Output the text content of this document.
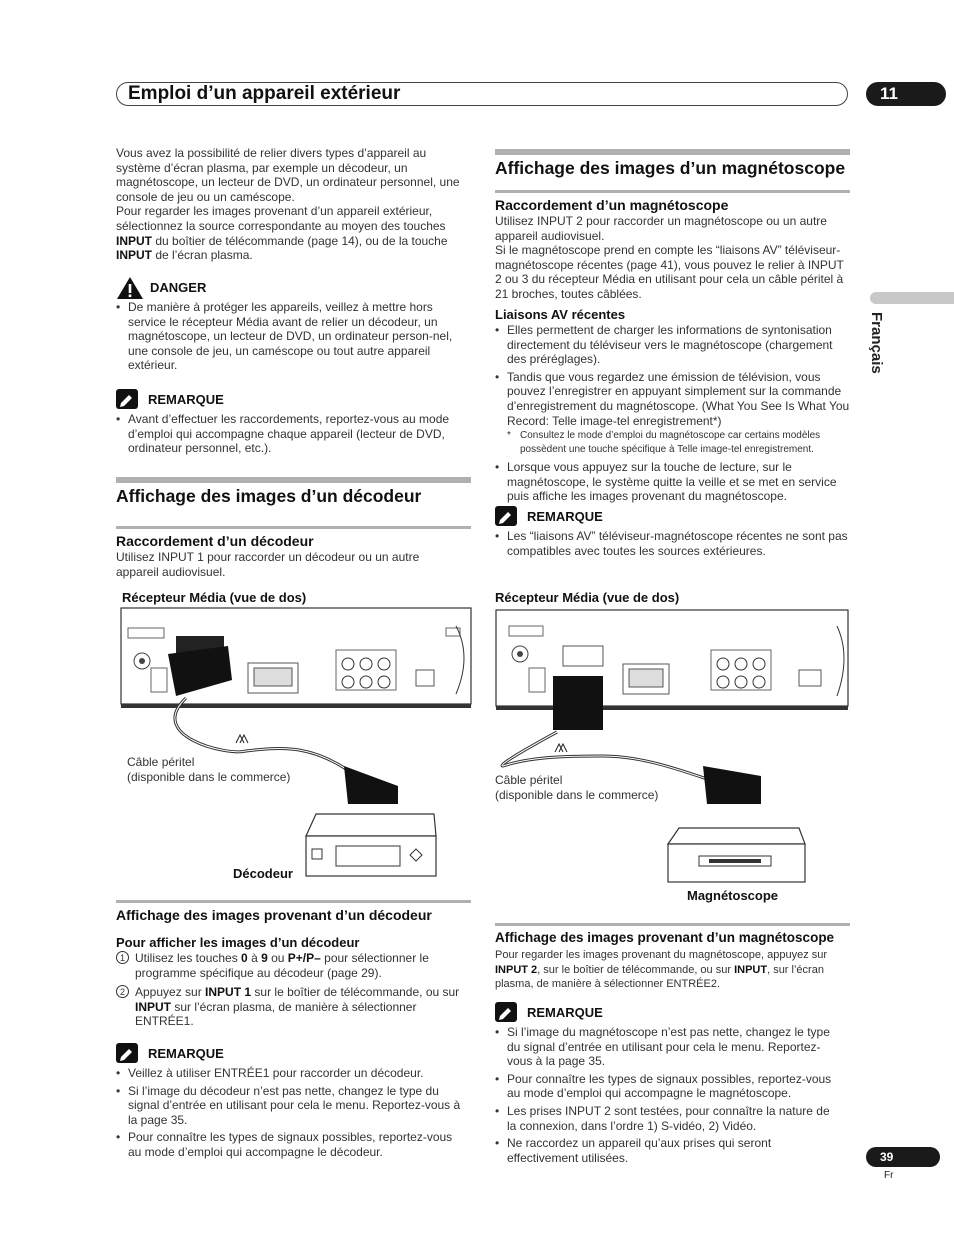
Emploi d’un appareil extérieur	11
Français
Vous avez la possibilité de relier divers types d’appareil au système d’écran plasma, par exemple un décodeur, un magnétoscope, un lecteur de DVD, un ordinateur personnel, une console de jeu ou un caméscope.
Pour regarder les images provenant d’un appareil extérieur, sélectionnez la source correspondante au moyen des touches INPUT du boîtier de télécommande (page 14), ou de la touche INPUT de l’écran plasma.
DANGER
• De manière à protéger les appareils, veillez à mettre hors service le récepteur Média avant de relier un décodeur, un magnétoscope, un lecteur de DVD, un ordinateur person-nel, une console de jeu, un caméscope ou tout autre appareil extérieur.
REMARQUE
• Avant d’effectuer les raccordements, reportez-vous au mode d’emploi qui accompagne chaque appareil (lecteur de DVD, ordinateur personnel, etc.).
Affichage des images d’un décodeur
Raccordement d’un décodeur
Utilisez INPUT 1 pour raccorder un décodeur ou un autre appareil audiovisuel.
Récepteur Média (vue de dos)
Câble péritel
(disponible dans le commerce)
Décodeur
Affichage des images provenant d’un décodeur
Pour afficher les images d’un décodeur
1 Utilisez les touches 0 à 9 ou P+/P– pour sélectionner le programme spécifique au décodeur (page 29).
2 Appuyez sur INPUT 1 sur le boîtier de télécommande, ou sur INPUT sur l’écran plasma, de manière à sélectionner ENTRÉE1.
REMARQUE
• Veillez à utiliser ENTRÉE1 pour raccorder un décodeur.
• Si l’image du décodeur n’est pas nette, changez le type du signal d’entrée en utilisant pour cela le menu. Reportez-vous à la page 35.
• Pour connaître les types de signaux possibles, reportez-vous au mode d’emploi qui accompagne le décodeur.
Affichage des images d’un magnétoscope
Raccordement d’un magnétoscope
Utilisez INPUT 2 pour raccorder un magnétoscope ou un autre appareil audiovisuel.
Si le magnétoscope prend en compte les “liaisons AV” téléviseur-magnétoscope récentes (page 41), vous pouvez le relier à INPUT 2 ou 3 du récepteur Média en utilisant pour cela un câble péritel à 21 broches, toutes câblées.
Liaisons AV récentes
• Elles permettent de charger les informations de syntonisation directement du téléviseur vers le magnétoscope (chargement des préréglages).
• Tandis que vous regardez une émission de télévision, vous pouvez l’enregistrer en appuyant simplement sur la commande d’enregistrement du magnétoscope. (What You See Is What You Record: Telle image-tel enregistrement*)
* Consultez le mode d’emploi du magnétoscope car certains modèles possèdent une touche spécifique à Telle image-tel enregistrement.
• Lorsque vous appuyez sur la touche de lecture, sur le magnétoscope, le système quitte la veille et se met en service puis affiche les images provenant du magnétoscope.
REMARQUE
• Les “liaisons AV” téléviseur-magnétoscope récentes ne sont pas compatibles avec toutes les sources extérieures.
Récepteur Média (vue de dos)
Câble péritel
(disponible dans le commerce)
Magnétoscope
Affichage des images provenant d’un magnétoscope
Pour regarder les images provenant du magnétoscope, appuyez sur INPUT 2, sur le boîtier de télécommande, ou sur INPUT, sur l’écran plasma, de manière à sélectionner ENTRÉE2.
REMARQUE
• Si l’image du magnétoscope n’est pas nette, changez le type du signal d’entrée en utilisant pour cela le menu. Reportez-vous à la page 35.
• Pour connaître les types de signaux possibles, reportez-vous au mode d’emploi qui accompagne le magnétoscope.
• Les prises INPUT 2 sont testées, pour connaître la nature de la connexion, dans l’ordre 1) S-vidéo, 2) Vidéo.
• Ne raccordez un appareil qu’aux prises qui seront effectivement utilisées.	39
Fr
